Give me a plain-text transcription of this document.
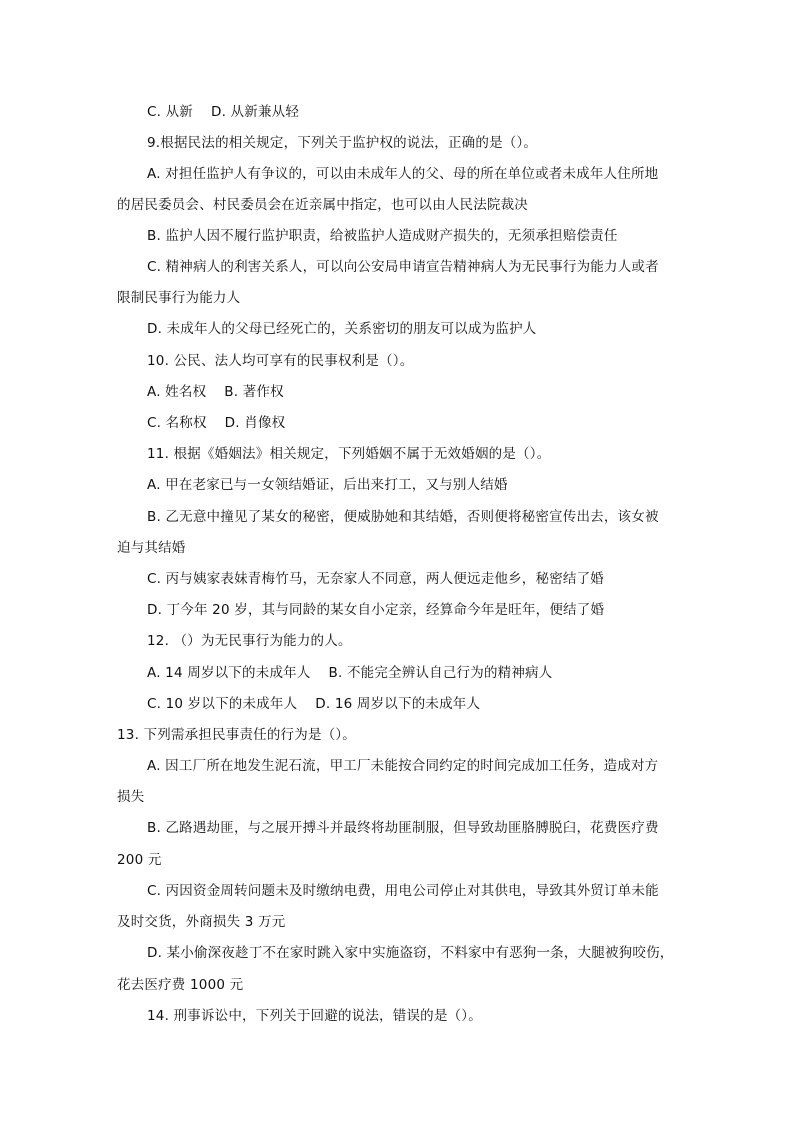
C. 从新    D. 从新兼从轻
9.根据民法的相关规定，下列关于监护权的说法，正确的是（）。
A. 对担任监护人有争议的，可以由未成年人的父、母的所在单位或者未成年人住所地
的居民委员会、村民委员会在近亲属中指定，也可以由人民法院裁决
B. 监护人因不履行监护职责，给被监护人造成财产损失的，无须承担赔偿责任
C. 精神病人的利害关系人，可以向公安局申请宣告精神病人为无民事行为能力人或者
限制民事行为能力人
D. 未成年人的父母已经死亡的，关系密切的朋友可以成为监护人
10. 公民、法人均可享有的民事权利是（）。
A. 姓名权    B. 著作权
C. 名称权    D. 肖像权
11. 根据《婚姻法》相关规定，下列婚姻不属于无效婚姻的是（）。
A. 甲在老家已与一女领结婚证，后出来打工，又与别人结婚
B. 乙无意中撞见了某女的秘密，便威胁她和其结婚，否则便将秘密宣传出去，该女被
迫与其结婚
C. 丙与姨家表妹青梅竹马，无奈家人不同意，两人便远走他乡，秘密结了婚
D. 丁今年 20 岁，其与同龄的某女自小定亲，经算命今年是旺年，便结了婚
12. （）为无民事行为能力的人。
A. 14 周岁以下的未成年人    B. 不能完全辨认自己行为的精神病人
C. 10 岁以下的未成年人    D. 16 周岁以下的未成年人
13. 下列需承担民事责任的行为是（）。
A. 因工厂所在地发生泥石流，甲工厂未能按合同约定的时间完成加工任务，造成对方
损失
B. 乙路遇劫匪，与之展开搏斗并最终将劫匪制服，但导致劫匪胳膊脱臼，花费医疗费
200 元
C. 丙因资金周转问题未及时缴纳电费，用电公司停止对其供电，导致其外贸订单未能
及时交货，外商损失 3 万元
D. 某小偷深夜趁丁不在家时跳入家中实施盗窃，不料家中有恶狗一条，大腿被狗咬伤，
花去医疗费 1000 元
14. 刑事诉讼中，下列关于回避的说法，错误的是（）。
